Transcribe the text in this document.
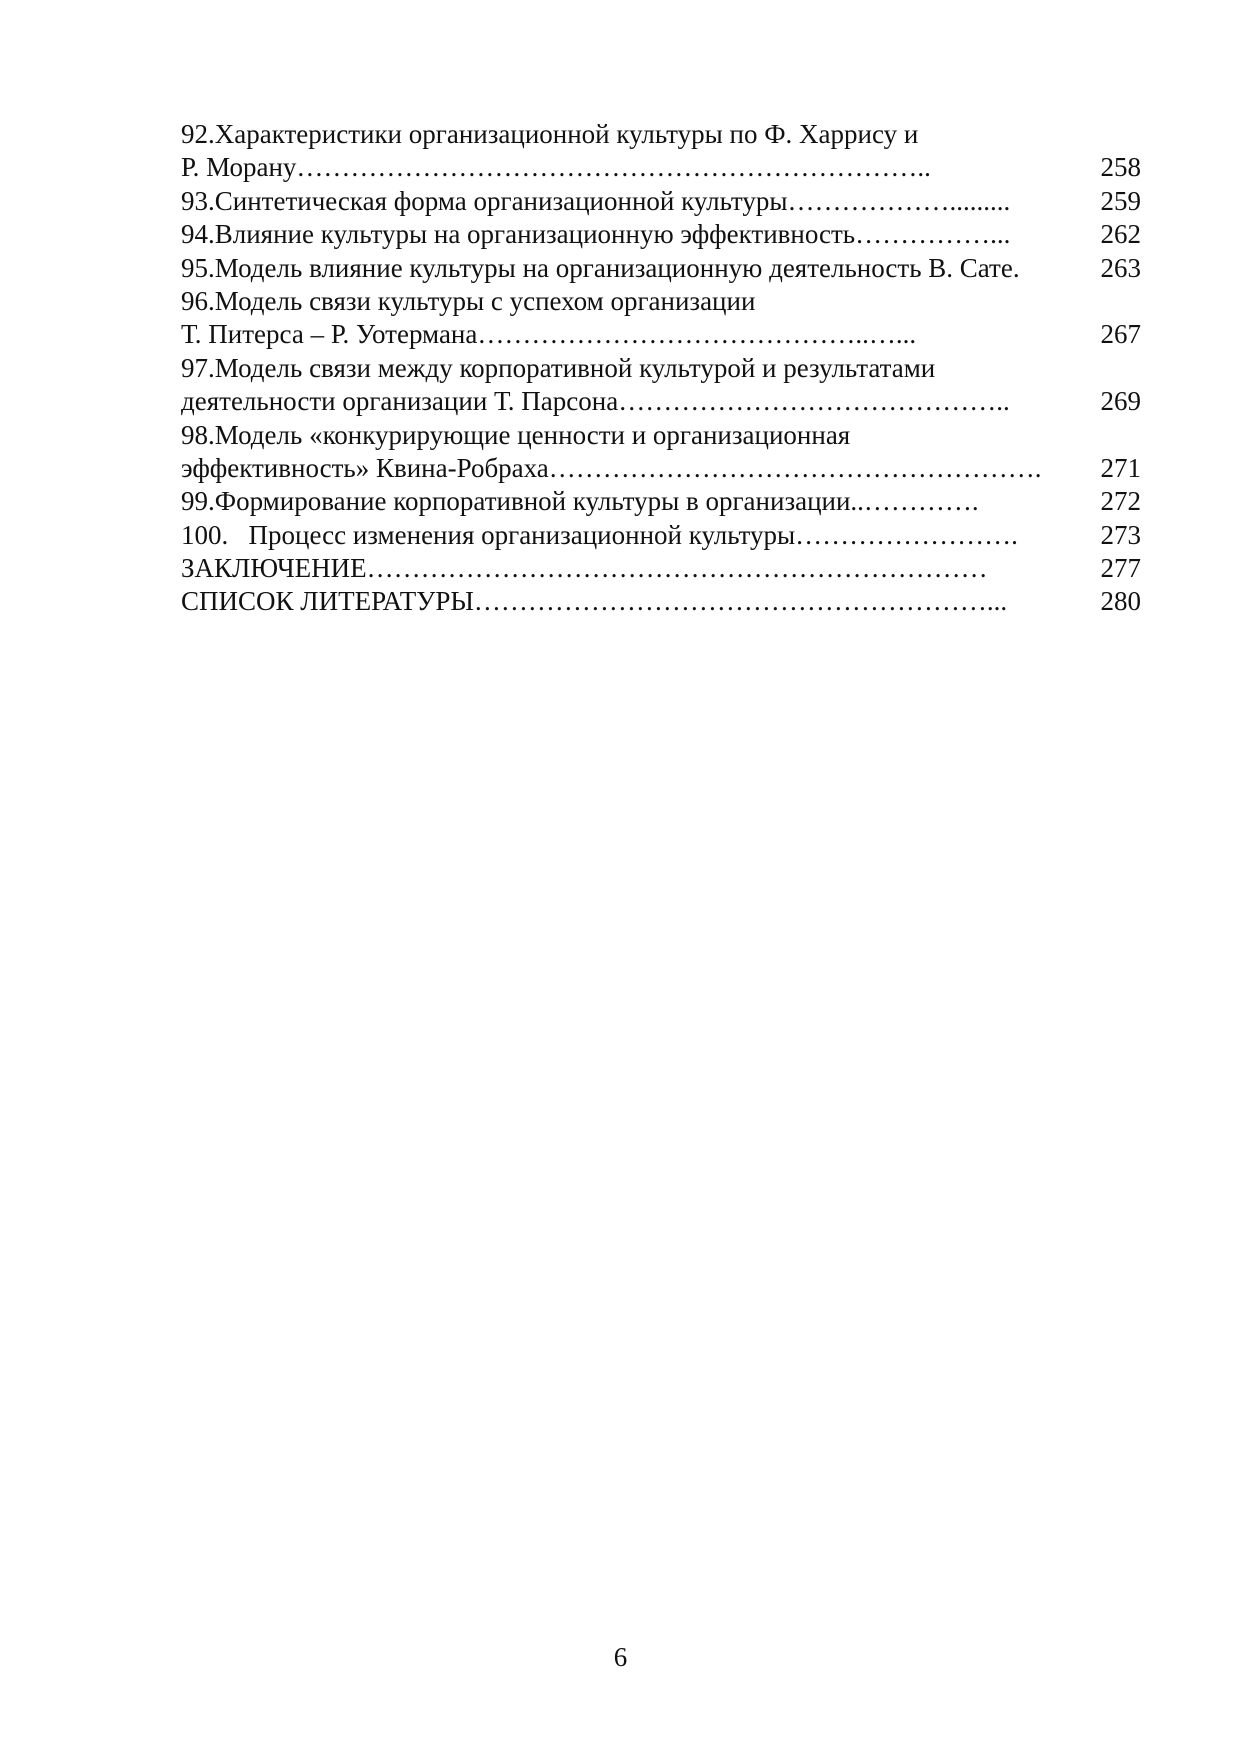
92.Характеристики организационной культуры по Ф. Харрису и
Р. Морану……………………………………………………………..	258
93.Синтетическая форма организационной культуры……………….........	259
94.Влияние культуры на организационную эффективность……………...	262
95.Модель влияние культуры на организационную деятельность В. Сате.	263
96.Модель связи культуры с успехом организации
Т. Питерса – Р. Уотермана……………………………………..…...	267
97.Модель связи между корпоративной культурой и результатами
деятельности организации Т. Парсона……………………………………..	269
98.Модель «конкурирующие ценности и организационная
эффективность» Квина-Робраха……………………………………………….	271
99.Формирование корпоративной культуры в организации..………….	272
100.   Процесс изменения организационной культуры…………………….	273
ЗАКЛЮЧЕНИЕ……………………………………………………………	277
СПИСОК ЛИТЕРАТУРЫ…………………………………………………...	280
6
